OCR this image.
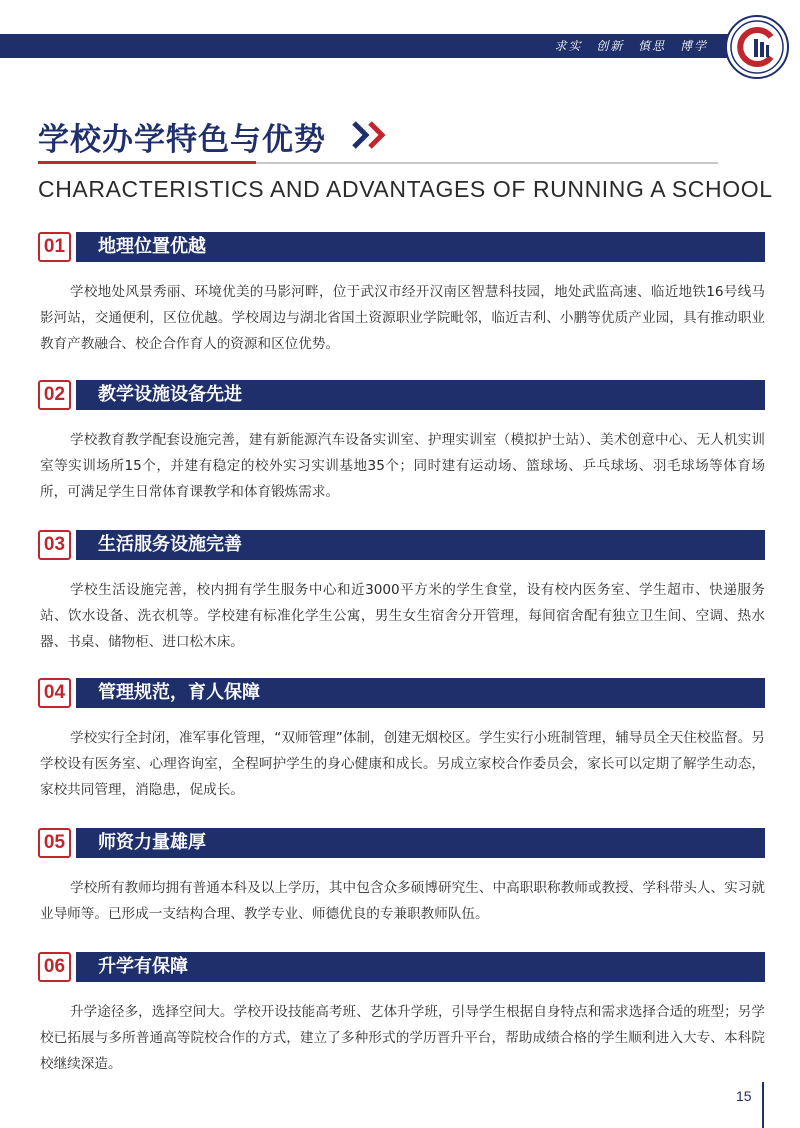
求实 创新 慎思 博学
学校办学特色与优势
CHARACTERISTICS AND ADVANTAGES OF RUNNING A SCHOOL
01	地理位置优越

学校地处风景秀丽、环境优美的马影河畔，位于武汉市经开汉南区智慧科技园，地处武监高速、临近地铁16号线马影河站，交通便利，区位优越。学校周边与湖北省国土资源职业学院毗邻，临近吉利、小鹏等优质产业园，具有推动职业教育产教融合、校企合作育人的资源和区位优势。

02	教学设施设备先进

学校教育教学配套设施完善，建有新能源汽车设备实训室、护理实训室（模拟护士站）、美术创意中心、无人机实训室等实训场所15个，并建有稳定的校外实习实训基地35个；同时建有运动场、篮球场、乒乓球场、羽毛球场等体育场所，可满足学生日常体育课教学和体育锻炼需求。

03	生活服务设施完善

学校生活设施完善，校内拥有学生服务中心和近3000平方米的学生食堂，设有校内医务室、学生超市、快递服务站、饮水设备、洗衣机等。学校建有标准化学生公寓，男生女生宿舍分开管理，每间宿舍配有独立卫生间、空调、热水器、书桌、储物柜、进口松木床。

04	管理规范，育人保障

学校实行全封闭，准军事化管理，“双师管理”体制，创建无烟校区。学生实行小班制管理，辅导员全天住校监督。另学校设有医务室、心理咨询室，全程呵护学生的身心健康和成长。另成立家校合作委员会，家长可以定期了解学生动态，家校共同管理，消隐患，促成长。

05	师资力量雄厚

学校所有教师均拥有普通本科及以上学历，其中包含众多硕博研究生、中高职职称教师或教授、学科带头人、实习就业导师等。已形成一支结构合理、教学专业、师德优良的专兼职教师队伍。

06	升学有保障

升学途径多，选择空间大。学校开设技能高考班、艺体升学班，引导学生根据自身特点和需求选择合适的班型；另学校已拓展与多所普通高等院校合作的方式，建立了多种形式的学历晋升平台，帮助成绩合格的学生顺利进入大专、本科院校继续深造。

15
